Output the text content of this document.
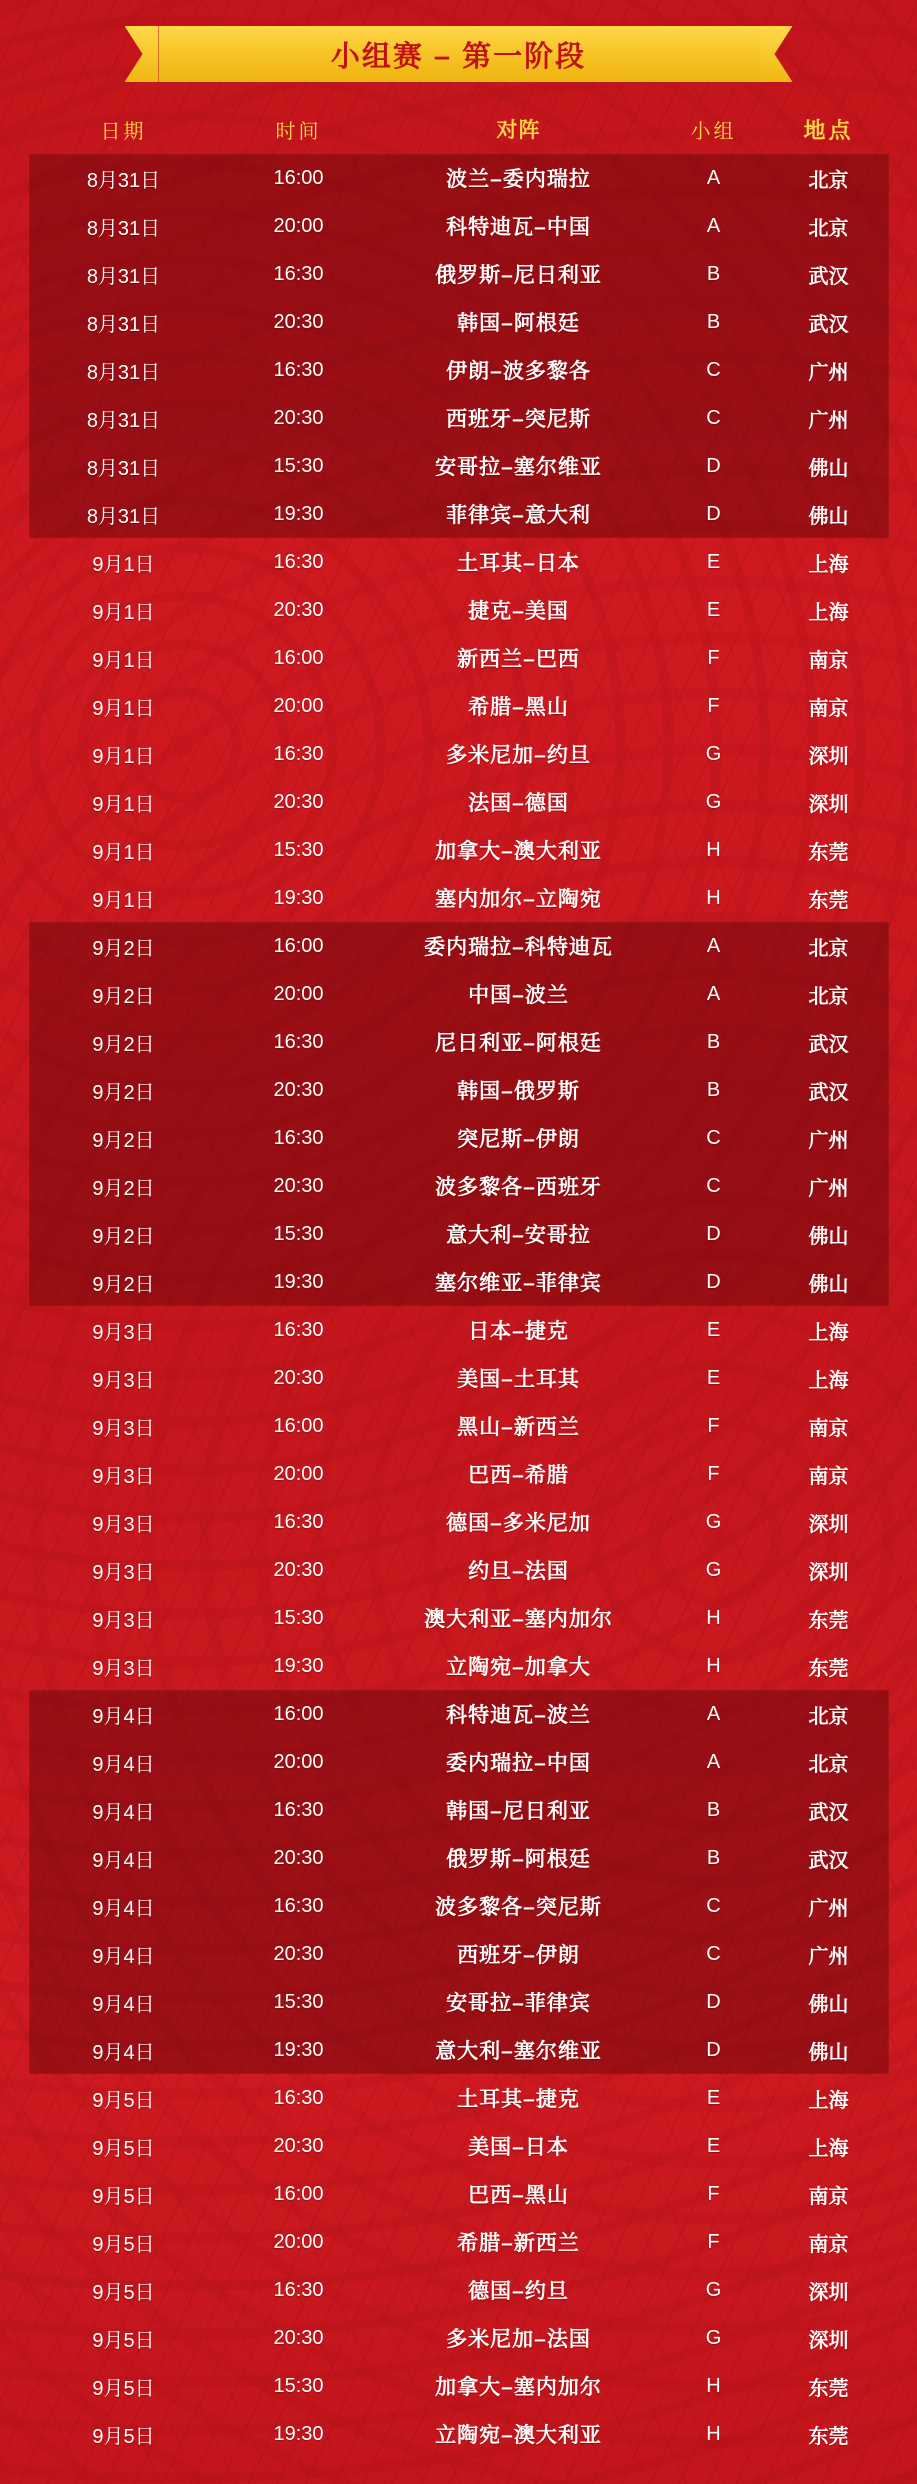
小组赛 – 第一阶段
日期	时间	对阵	小组	地点
8月31日	16:00	波兰–委内瑞拉	A	北京
8月31日	20:00	科特迪瓦–中国	A	北京
8月31日	16:30	俄罗斯–尼日利亚	B	武汉
8月31日	20:30	韩国–阿根廷	B	武汉
8月31日	16:30	伊朗–波多黎各	C	广州
8月31日	20:30	西班牙–突尼斯	C	广州
8月31日	15:30	安哥拉–塞尔维亚	D	佛山
8月31日	19:30	菲律宾–意大利	D	佛山
9月1日	16:30	土耳其–日本	E	上海
9月1日	20:30	捷克–美国	E	上海
9月1日	16:00	新西兰–巴西	F	南京
9月1日	20:00	希腊–黑山	F	南京
9月1日	16:30	多米尼加–约旦	G	深圳
9月1日	20:30	法国–德国	G	深圳
9月1日	15:30	加拿大–澳大利亚	H	东莞
9月1日	19:30	塞内加尔–立陶宛	H	东莞
9月2日	16:00	委内瑞拉–科特迪瓦	A	北京
9月2日	20:00	中国–波兰	A	北京
9月2日	16:30	尼日利亚–阿根廷	B	武汉
9月2日	20:30	韩国–俄罗斯	B	武汉
9月2日	16:30	突尼斯–伊朗	C	广州
9月2日	20:30	波多黎各–西班牙	C	广州
9月2日	15:30	意大利–安哥拉	D	佛山
9月2日	19:30	塞尔维亚–菲律宾	D	佛山
9月3日	16:30	日本–捷克	E	上海
9月3日	20:30	美国–土耳其	E	上海
9月3日	16:00	黑山–新西兰	F	南京
9月3日	20:00	巴西–希腊	F	南京
9月3日	16:30	德国–多米尼加	G	深圳
9月3日	20:30	约旦–法国	G	深圳
9月3日	15:30	澳大利亚–塞内加尔	H	东莞
9月3日	19:30	立陶宛–加拿大	H	东莞
9月4日	16:00	科特迪瓦–波兰	A	北京
9月4日	20:00	委内瑞拉–中国	A	北京
9月4日	16:30	韩国–尼日利亚	B	武汉
9月4日	20:30	俄罗斯–阿根廷	B	武汉
9月4日	16:30	波多黎各–突尼斯	C	广州
9月4日	20:30	西班牙–伊朗	C	广州
9月4日	15:30	安哥拉–菲律宾	D	佛山
9月4日	19:30	意大利–塞尔维亚	D	佛山
9月5日	16:30	土耳其–捷克	E	上海
9月5日	20:30	美国–日本	E	上海
9月5日	16:00	巴西–黑山	F	南京
9月5日	20:00	希腊–新西兰	F	南京
9月5日	16:30	德国–约旦	G	深圳
9月5日	20:30	多米尼加–法国	G	深圳
9月5日	15:30	加拿大–塞内加尔	H	东莞
9月5日	19:30	立陶宛–澳大利亚	H	东莞
